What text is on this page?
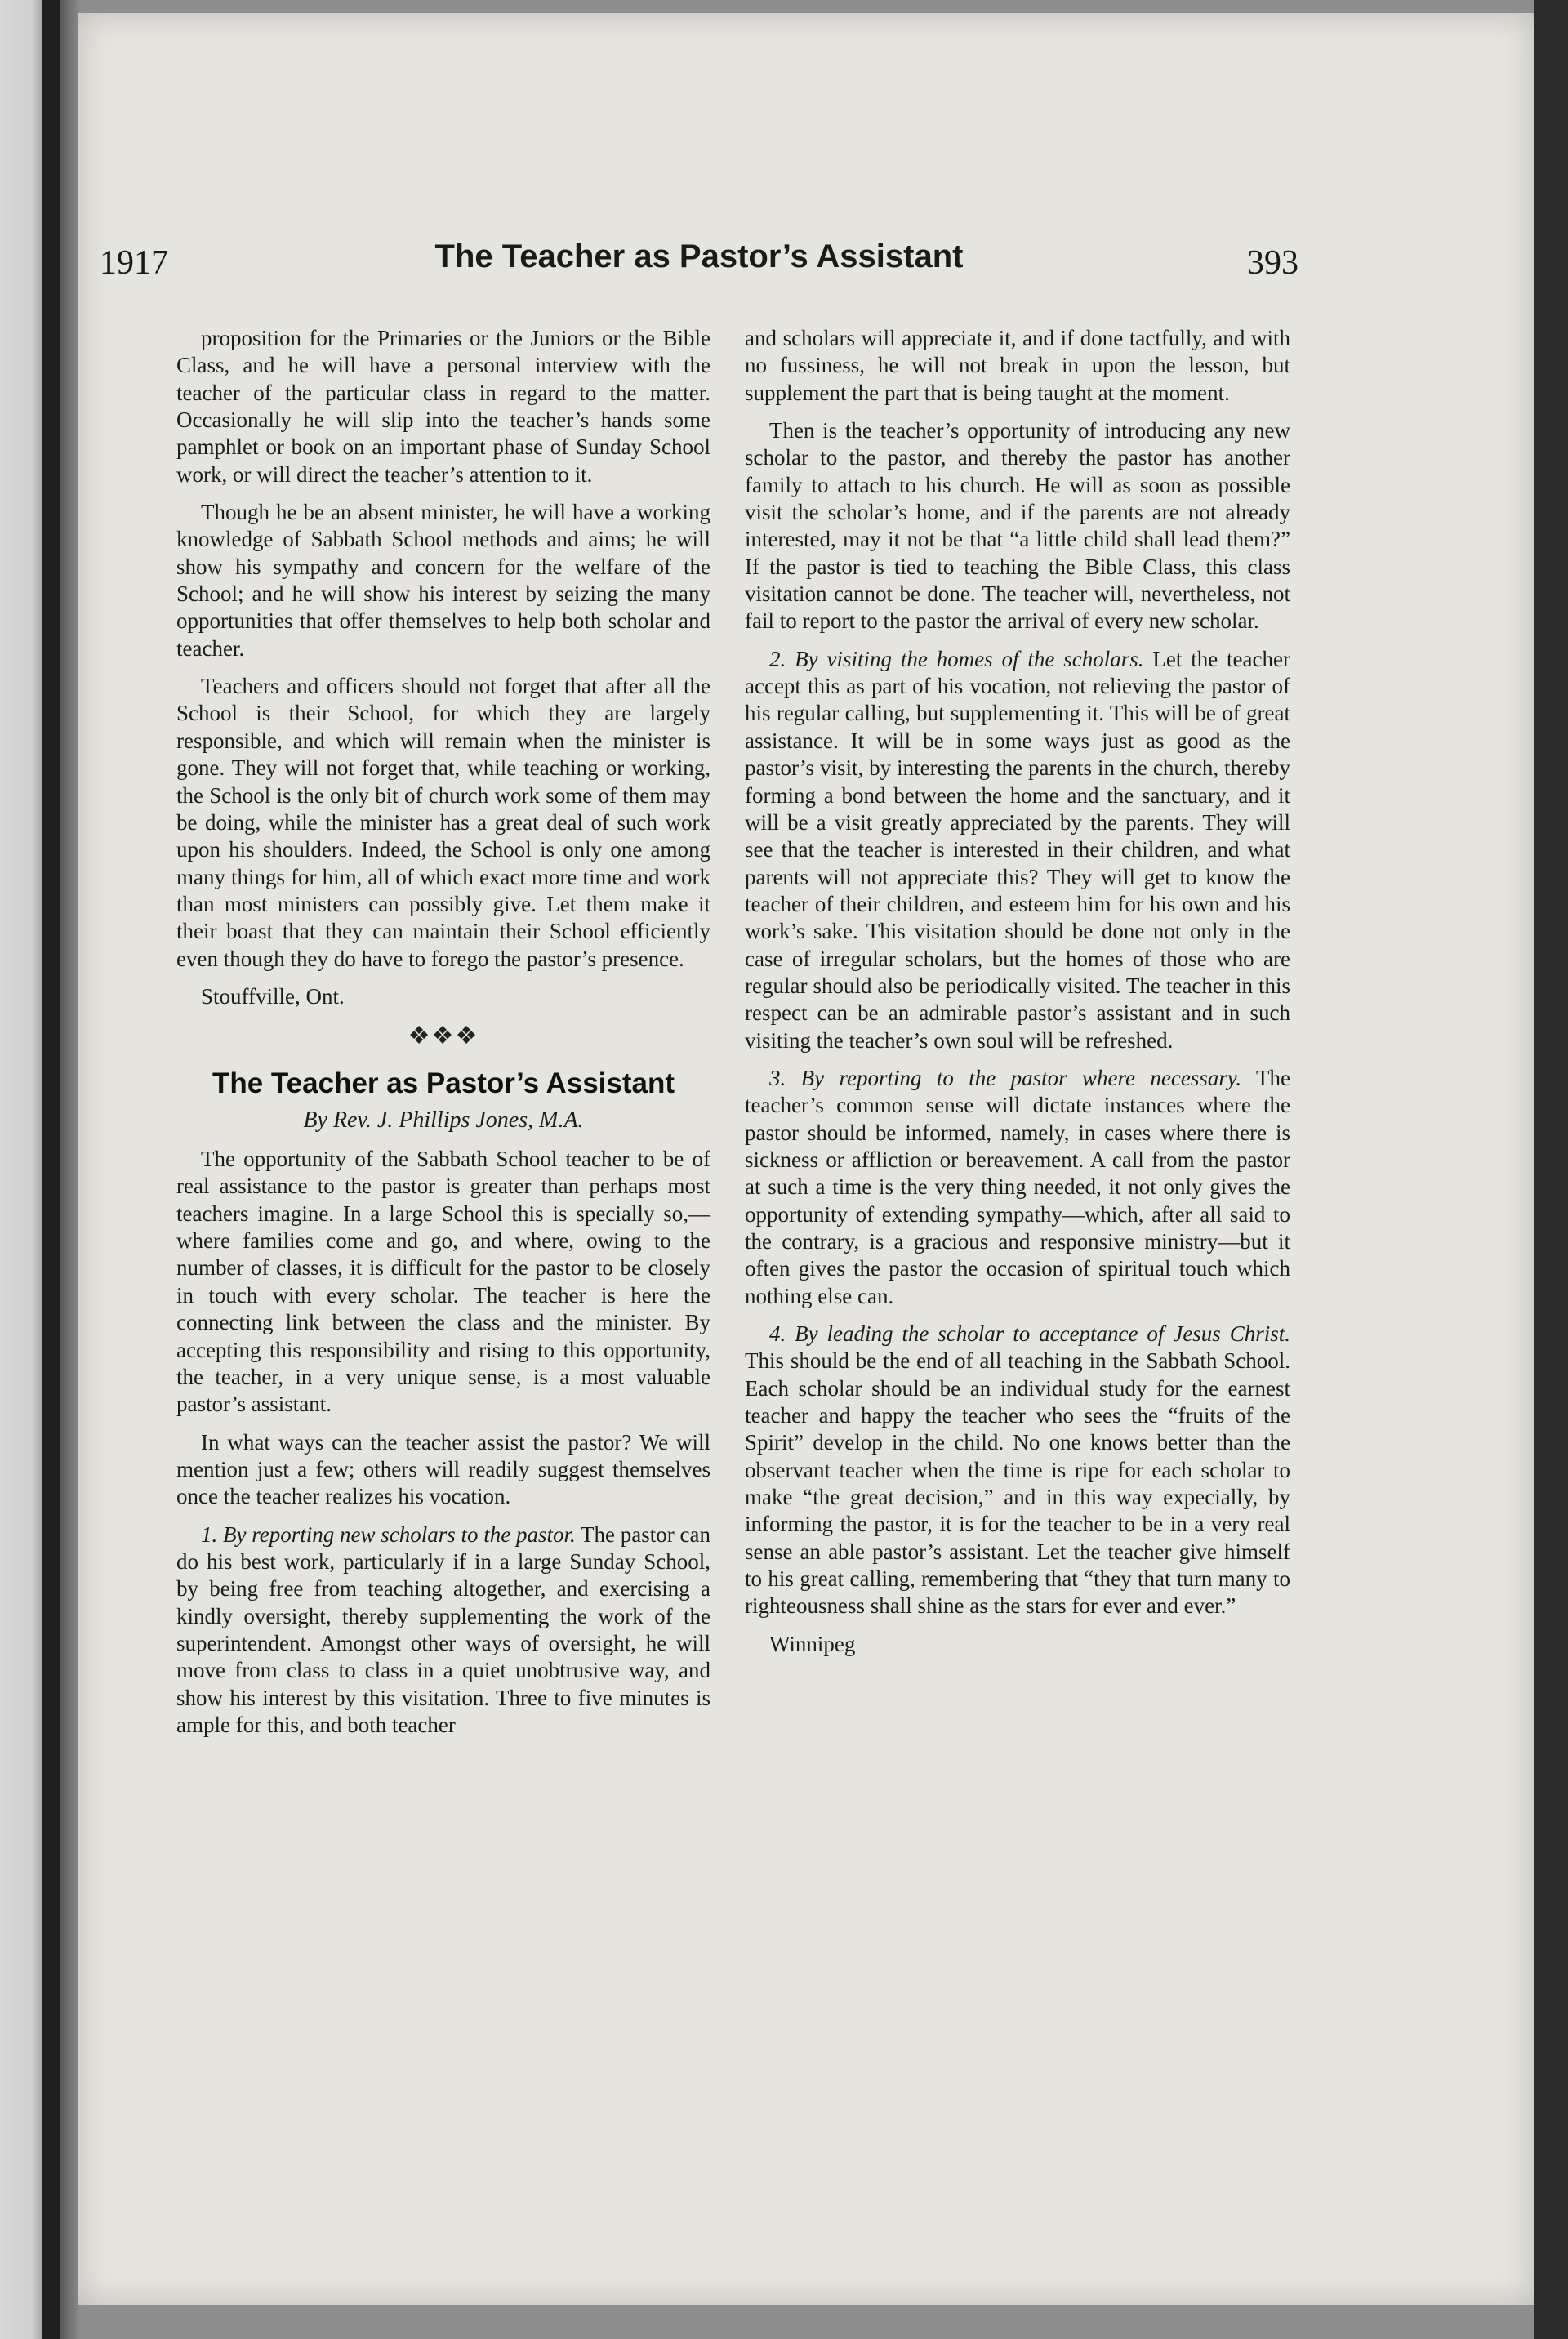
1917	The Teacher as Pastor’s Assistant	393

proposition for the Primaries or the Juniors or the Bible Class, and he will have a personal interview with the teacher of the particular class in regard to the matter. Occasionally he will slip into the teacher’s hands some pamphlet or book on an important phase of Sunday School work, or will direct the teacher’s attention to it.

Though he be an absent minister, he will have a working knowledge of Sabbath School methods and aims; he will show his sympathy and concern for the welfare of the School; and he will show his interest by seizing the many opportunities that offer themselves to help both scholar and teacher.

Teachers and officers should not forget that after all the School is their School, for which they are largely responsible, and which will remain when the minister is gone. They will not forget that, while teaching or working, the School is the only bit of church work some of them may be doing, while the minister has a great deal of such work upon his shoulders. Indeed, the School is only one among many things for him, all of which exact more time and work than most ministers can possibly give. Let them make it their boast that they can maintain their School efficiently even though they do have to forego the pastor’s presence.

Stouffville, Ont.

❖❖❖
The Teacher as Pastor’s Assistant
By Rev. J. Phillips Jones, M.A.

The opportunity of the Sabbath School teacher to be of real assistance to the pastor is greater than perhaps most teachers imagine. In a large School this is specially so,—where families come and go, and where, owing to the number of classes, it is difficult for the pastor to be closely in touch with every scholar. The teacher is here the connecting link between the class and the minister. By accepting this responsibility and rising to this opportunity, the teacher, in a very unique sense, is a most valuable pastor’s assistant.

In what ways can the teacher assist the pastor? We will mention just a few; others will readily suggest themselves once the teacher realizes his vocation.

1. By reporting new scholars to the pastor. The pastor can do his best work, particularly if in a large Sunday School, by being free from teaching altogether, and exercising a kindly oversight, thereby supplementing the work of the superintendent. Amongst other ways of oversight, he will move from class to class in a quiet unobtrusive way, and show his interest by this visitation. Three to five minutes is ample for this, and both teacher

and scholars will appreciate it, and if done tactfully, and with no fussiness, he will not break in upon the lesson, but supplement the part that is being taught at the moment.

Then is the teacher’s opportunity of introducing any new scholar to the pastor, and thereby the pastor has another family to attach to his church. He will as soon as possible visit the scholar’s home, and if the parents are not already interested, may it not be that “a little child shall lead them?” If the pastor is tied to teaching the Bible Class, this class visitation cannot be done. The teacher will, nevertheless, not fail to report to the pastor the arrival of every new scholar.

2. By visiting the homes of the scholars. Let the teacher accept this as part of his vocation, not relieving the pastor of his regular calling, but supplementing it. This will be of great assistance. It will be in some ways just as good as the pastor’s visit, by interesting the parents in the church, thereby forming a bond between the home and the sanctuary, and it will be a visit greatly appreciated by the parents. They will see that the teacher is interested in their children, and what parents will not appreciate this? They will get to know the teacher of their children, and esteem him for his own and his work’s sake. This visitation should be done not only in the case of irregular scholars, but the homes of those who are regular should also be periodically visited. The teacher in this respect can be an admirable pastor’s assistant and in such visiting the teacher’s own soul will be refreshed.

3. By reporting to the pastor where necessary. The teacher’s common sense will dictate instances where the pastor should be informed, namely, in cases where there is sickness or affliction or bereavement. A call from the pastor at such a time is the very thing needed, it not only gives the opportunity of extending sympathy—which, after all said to the contrary, is a gracious and responsive ministry—but it often gives the pastor the occasion of spiritual touch which nothing else can.

4. By leading the scholar to acceptance of Jesus Christ. This should be the end of all teaching in the Sabbath School. Each scholar should be an individual study for the earnest teacher and happy the teacher who sees the “fruits of the Spirit” develop in the child. No one knows better than the observant teacher when the time is ripe for each scholar to make “the great decision,” and in this way expecially, by informing the pastor, it is for the teacher to be in a very real sense an able pastor’s assistant. Let the teacher give himself to his great calling, remembering that “they that turn many to righteousness shall shine as the stars for ever and ever.”

Winnipeg
